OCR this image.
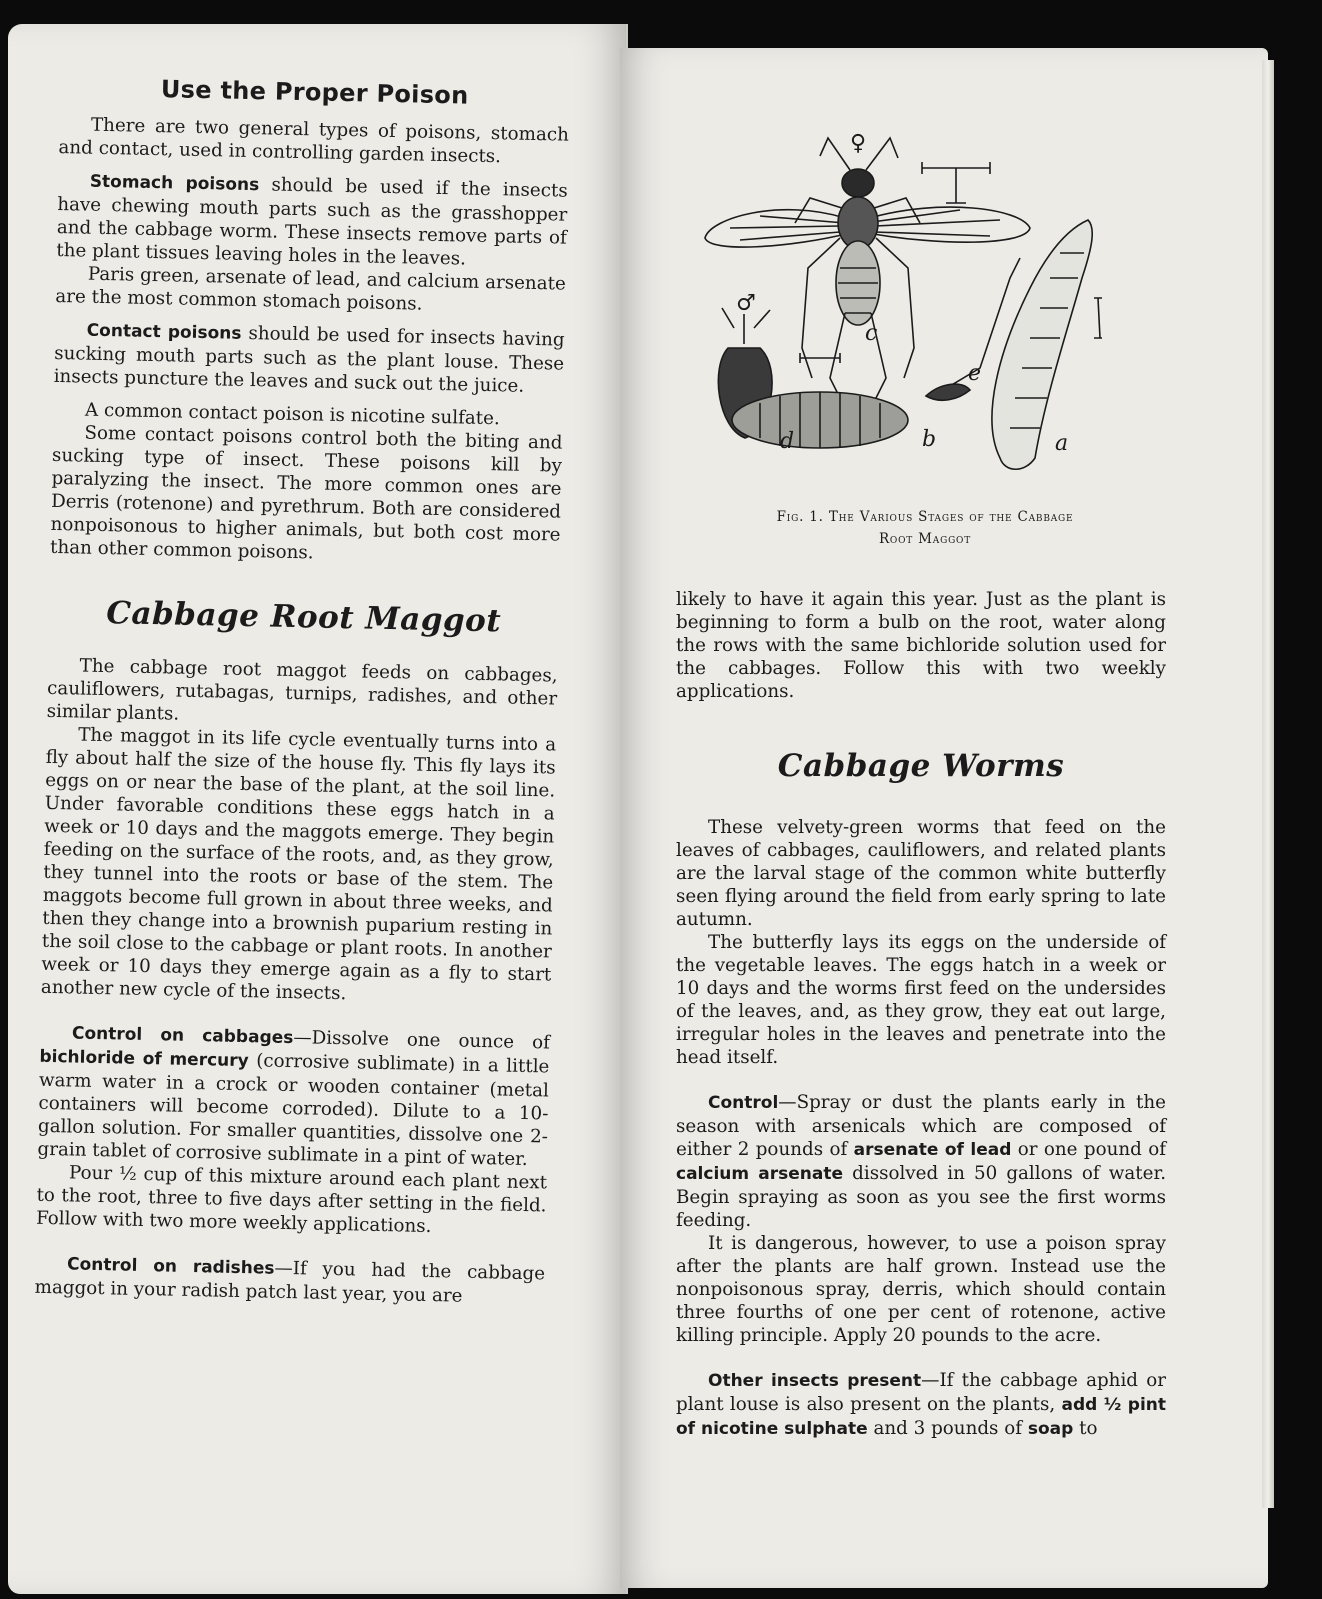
Use the Proper Poison

There are two general types of poisons, stomach and contact, used in controlling garden insects.

Stomach poisons should be used if the insects have chewing mouth parts such as the grasshopper and the cabbage worm. These insects remove parts of the plant tissues leaving holes in the leaves.

Paris green, arsenate of lead, and calcium arsenate are the most common stomach poisons.

Contact poisons should be used for insects having sucking mouth parts such as the plant louse. These insects puncture the leaves and suck out the juice.

A common contact poison is nicotine sulfate.

Some contact poisons control both the biting and sucking type of insect. These poisons kill by paralyzing the insect. The more common ones are Derris (rotenone) and pyrethrum. Both are considered nonpoisonous to higher animals, but both cost more than other common poisons.

Cabbage Root Maggot

The cabbage root maggot feeds on cabbages, cauliflowers, rutabagas, turnips, radishes, and other similar plants.

The maggot in its life cycle eventually turns into a fly about half the size of the house fly. This fly lays its eggs on or near the base of the plant, at the soil line. Under favorable conditions these eggs hatch in a week or 10 days and the maggots emerge. They begin feeding on the surface of the roots, and, as they grow, they tunnel into the roots or base of the stem. The maggots become full grown in about three weeks, and then they change into a brownish puparium resting in the soil close to the cabbage or plant roots. In another week or 10 days they emerge again as a fly to start another new cycle of the insects.

Control on cabbages—Dissolve one ounce of bichloride of mercury (corrosive sublimate) in a little warm water in a crock or wooden container (metal containers will become corroded). Dilute to a 10-gallon solution. For smaller quantities, dissolve one 2-grain tablet of corrosive sublimate in a pint of water.

Pour ½ cup of this mixture around each plant next to the root, three to five days after setting in the field. Follow with two more weekly applications.

Control on radishes—If you had the cabbage maggot in your radish patch last year, you are

♀
♂
c
e
d	b	a
Fig. 1. The Various Stages of the Cabbage
Root Maggot

likely to have it again this year. Just as the plant is beginning to form a bulb on the root, water along the rows with the same bichloride solution used for the cabbages. Follow this with two weekly applications.

Cabbage Worms

These velvety-green worms that feed on the leaves of cabbages, cauliflowers, and related plants are the larval stage of the common white butterfly seen flying around the field from early spring to late autumn.

The butterfly lays its eggs on the underside of the vegetable leaves. The eggs hatch in a week or 10 days and the worms first feed on the undersides of the leaves, and, as they grow, they eat out large, irregular holes in the leaves and penetrate into the head itself.

Control—Spray or dust the plants early in the season with arsenicals which are composed of either 2 pounds of arsenate of lead or one pound of calcium arsenate dissolved in 50 gallons of water. Begin spraying as soon as you see the first worms feeding.

It is dangerous, however, to use a poison spray after the plants are half grown. Instead use the nonpoisonous spray, derris, which should contain three fourths of one per cent of rotenone, active killing principle. Apply 20 pounds to the acre.

Other insects present—If the cabbage aphid or plant louse is also present on the plants, add ½ pint of nicotine sulphate and 3 pounds of soap to
